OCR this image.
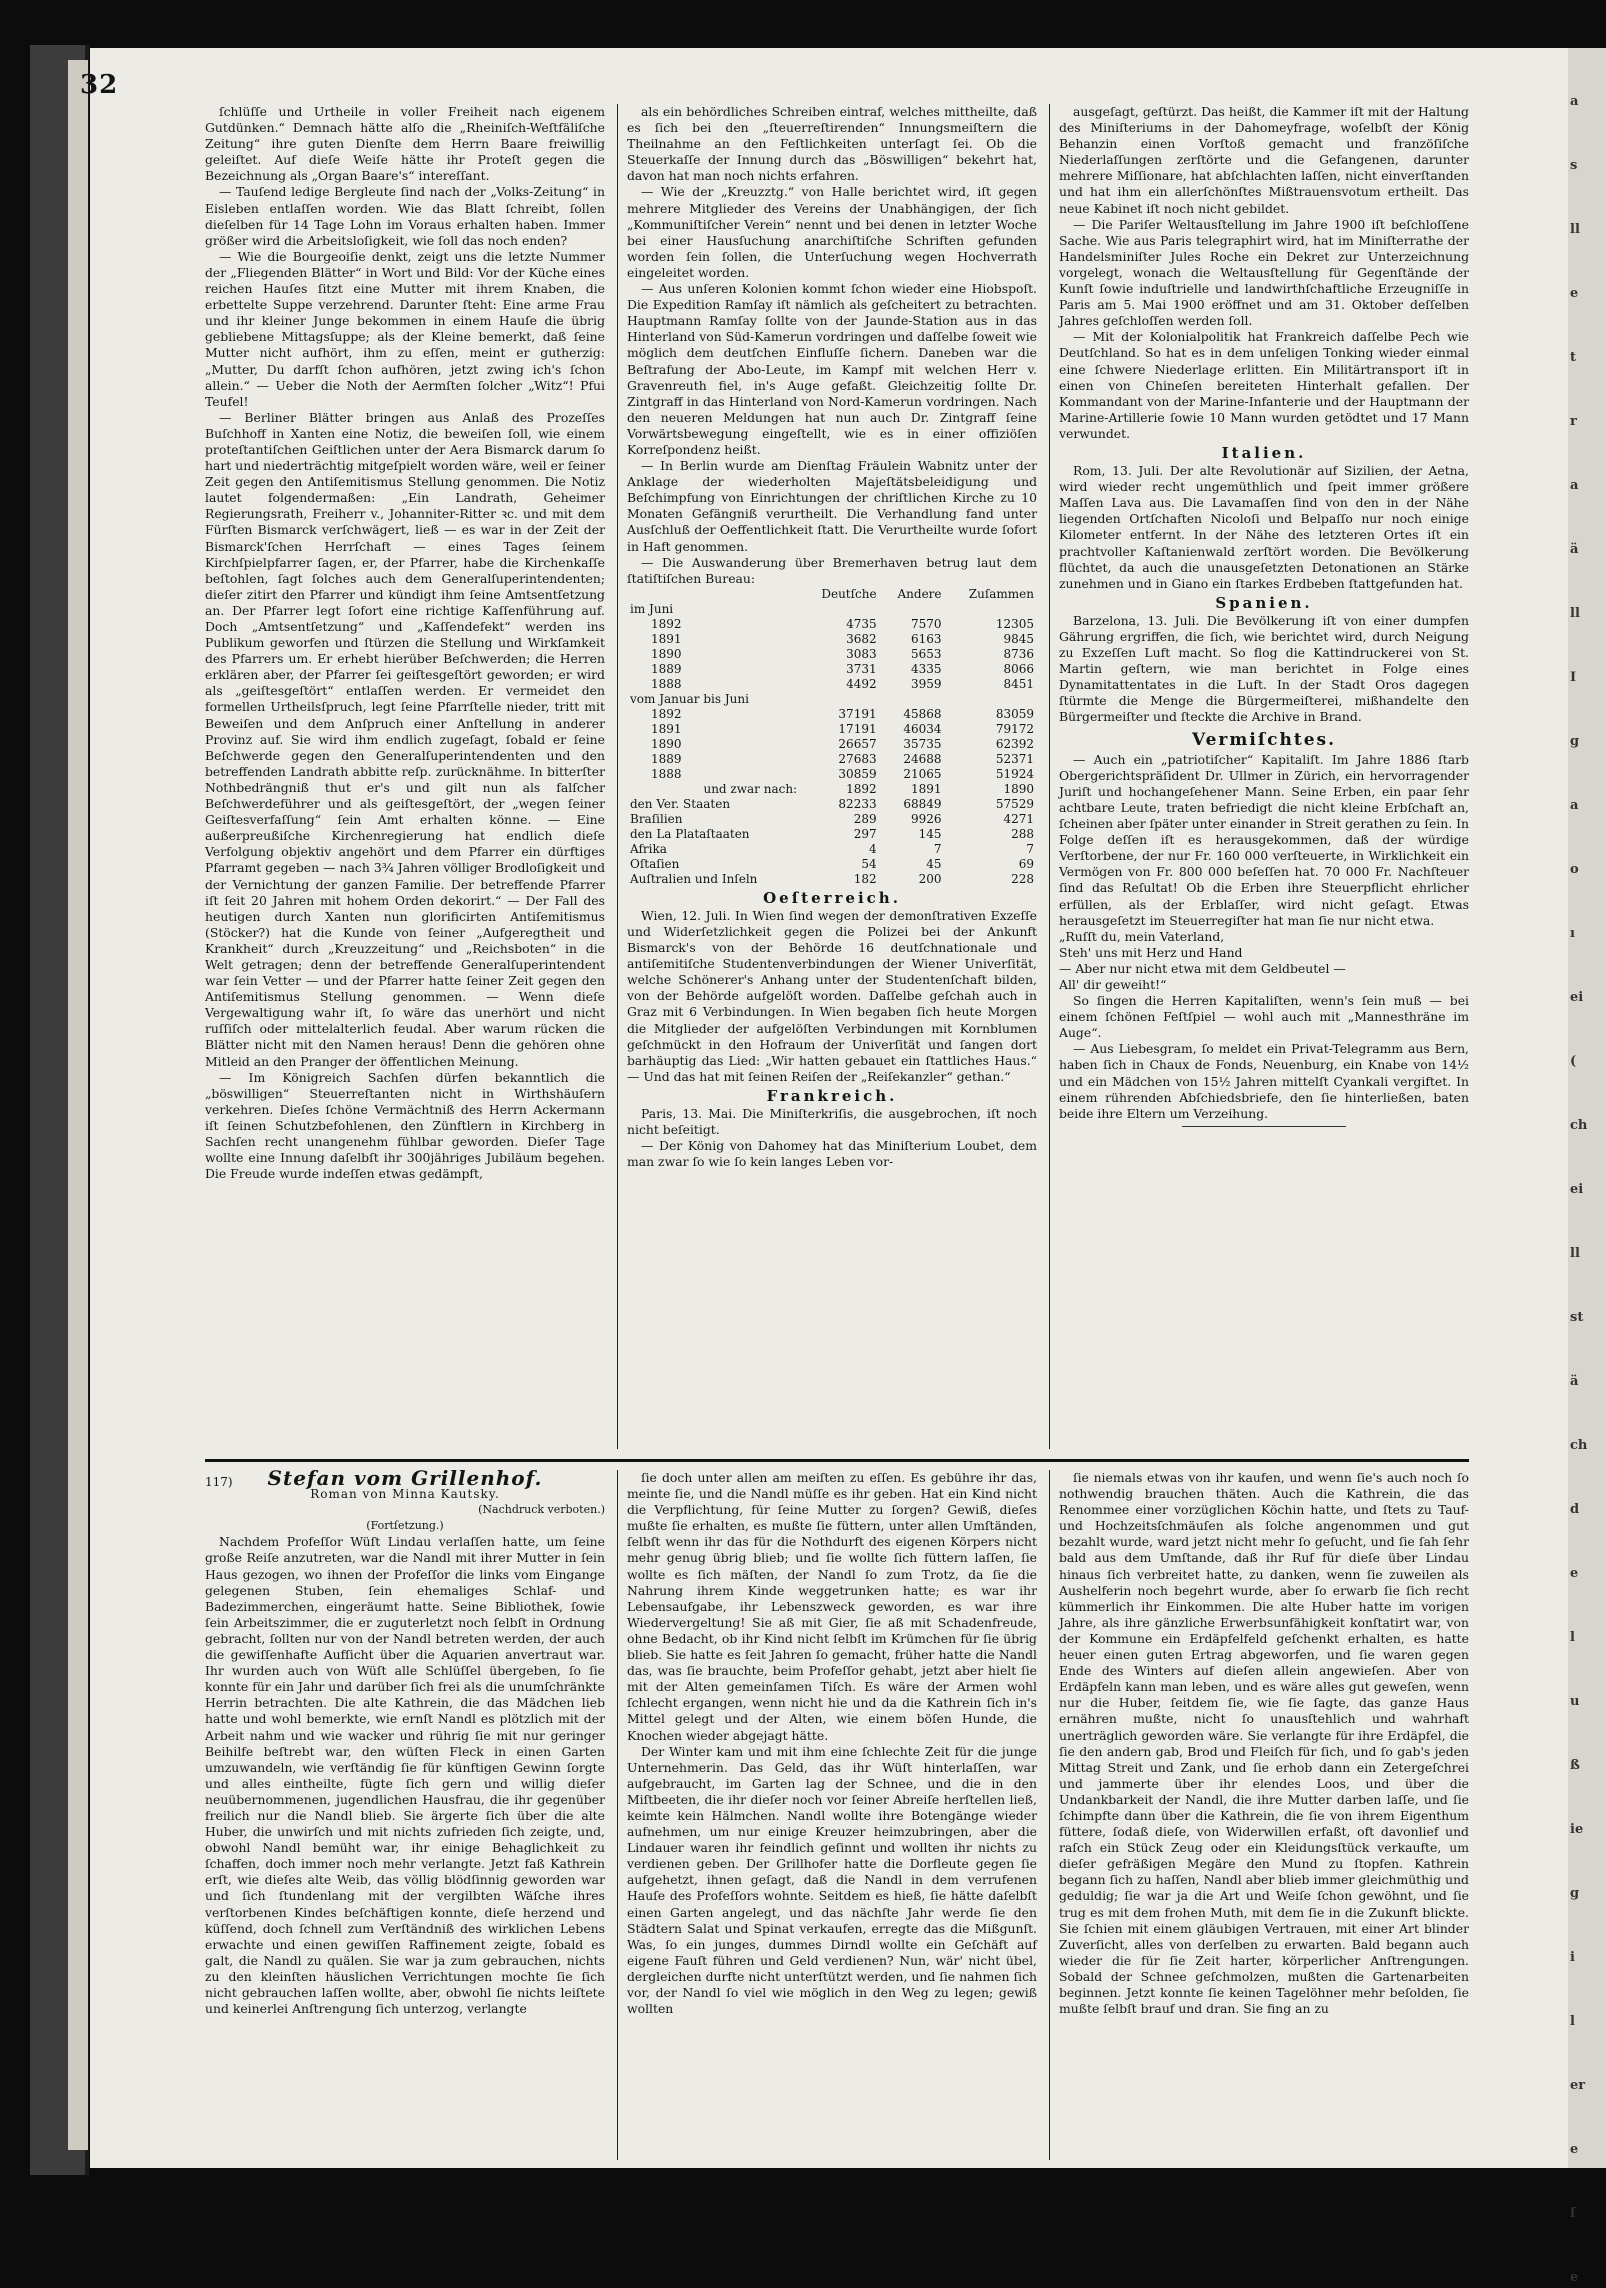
32

ſchlüſſe und Urtheile in voller Freiheit nach eigenem Gutdünken.“ Demnach hätte alſo die „Rheiniſch-Weſtfäliſche Zeitung“ ihre guten Dienſte dem Herrn Baare freiwillig geleiſtet. Auf dieſe Weiſe hätte ihr Proteſt gegen die Bezeichnung als „Organ Baare's“ intereſſant.

— Tauſend ledige Bergleute ſind nach der „Volks-Zeitung“ in Eisleben entlaſſen worden. Wie das Blatt ſchreibt, ſollen dieſelben für 14 Tage Lohn im Voraus erhalten haben. Immer größer wird die Arbeitsloſigkeit, wie ſoll das noch enden?

— Wie die Bourgeoiſie denkt, zeigt uns die letzte Nummer der „Fliegenden Blätter“ in Wort und Bild: Vor der Küche eines reichen Hauſes ſitzt eine Mutter mit ihrem Knaben, die erbettelte Suppe verzehrend. Darunter ſteht: Eine arme Frau und ihr kleiner Junge bekommen in einem Hauſe die übrig gebliebene Mittagsſuppe; als der Kleine bemerkt, daß ſeine Mutter nicht aufhört, ihm zu eſſen, meint er gutherzig: „Mutter, Du darfſt ſchon aufhören, jetzt zwing ich's ſchon allein.“ — Ueber die Noth der Aermſten ſolcher „Witz“! Pfui Teufel!

— Berliner Blätter bringen aus Anlaß des Prozeſſes Buſchhoff in Xanten eine Notiz, die beweiſen ſoll, wie einem proteſtantiſchen Geiſtlichen unter der Aera Bismarck darum ſo hart und niederträchtig mitgeſpielt worden wäre, weil er ſeiner Zeit gegen den Antiſemitismus Stellung genommen. Die Notiz lautet folgendermaßen: „Ein Landrath, Geheimer Regierungsrath, Freiherr v., Johanniter-Ritter ꝛc. und mit dem Fürſten Bismarck verſchwägert, ließ — es war in der Zeit der Bismarck'ſchen Herrſchaft — eines Tages ſeinem Kirchſpielpfarrer ſagen, er, der Pfarrer, habe die Kirchenkaſſe beſtohlen, ſagt ſolches auch dem Generalſuperintendenten; dieſer zitirt den Pfarrer und kündigt ihm ſeine Amtsentſetzung an. Der Pfarrer legt ſofort eine richtige Kaſſenführung auf. Doch „Amtsentſetzung“ und „Kaſſendefekt“ werden ins Publikum geworfen und ſtürzen die Stellung und Wirkſamkeit des Pfarrers um. Er erhebt hierüber Beſchwerden; die Herren erklären aber, der Pfarrer ſei geiſtesgeſtört geworden; er wird als „geiſtesgeſtört“ entlaſſen werden. Er vermeidet den formellen Urtheilsſpruch, legt ſeine Pfarrſtelle nieder, tritt mit Beweiſen und dem Anſpruch einer Anſtellung in anderer Provinz auf. Sie wird ihm endlich zugeſagt, ſobald er ſeine Beſchwerde gegen den Generalſuperintendenten und den betreffenden Landrath abbitte reſp. zurücknähme. In bitterſter Nothbedrängniß thut er's und gilt nun als falſcher Beſchwerdeführer und als geiſtesgeſtört, der „wegen ſeiner Geiſtesverfaſſung“ ſein Amt erhalten könne. — Eine außerpreußiſche Kirchenregierung hat endlich dieſe Verfolgung objektiv angehört und dem Pfarrer ein dürftiges Pfarramt gegeben — nach 3¾ Jahren völliger Brodloſigkeit und der Vernichtung der ganzen Familie. Der betreffende Pfarrer iſt ſeit 20 Jahren mit hohem Orden dekorirt.“ — Der Fall des heutigen durch Xanten nun glorificirten Antiſemitismus (Stöcker?) hat die Kunde von ſeiner „Aufgeregtheit und Krankheit“ durch „Kreuzzeitung“ und „Reichsboten“ in die Welt getragen; denn der betreffende Generalſuperintendent war ſein Vetter — und der Pfarrer hatte ſeiner Zeit gegen den Antiſemitismus Stellung genommen. — Wenn dieſe Vergewaltigung wahr iſt, ſo wäre das unerhört und nicht ruſſiſch oder mittelalterlich feudal. Aber warum rücken die Blätter nicht mit den Namen heraus! Denn die gehören ohne Mitleid an den Pranger der öffentlichen Meinung.

— Im Königreich Sachſen dürfen bekanntlich die „böswilligen“ Steuerreſtanten nicht in Wirthshäuſern verkehren. Dieſes ſchöne Vermächtniß des Herrn Ackermann iſt ſeinen Schutzbefohlenen, den Zünftlern in Kirchberg in Sachſen recht unangenehm fühlbar geworden. Dieſer Tage wollte eine Innung daſelbſt ihr 300jähriges Jubiläum begehen. Die Freude wurde indeſſen etwas gedämpft,

als ein behördliches Schreiben eintraf, welches mittheilte, daß es ſich bei den „ſteuerreſtirenden“ Innungsmeiſtern die Theilnahme an den Feſtlichkeiten unterſagt ſei. Ob die Steuerkaſſe der Innung durch das „Böswilligen“ bekehrt hat, davon hat man noch nichts erfahren.

— Wie der „Kreuzztg.“ von Halle berichtet wird, iſt gegen mehrere Mitglieder des Vereins der Unabhängigen, der ſich „Kommuniſtiſcher Verein“ nennt und bei denen in letzter Woche bei einer Hausſuchung anarchiſtiſche Schriften gefunden worden ſein ſollen, die Unterſuchung wegen Hochverrath eingeleitet worden.

— Aus unſeren Kolonien kommt ſchon wieder eine Hiobspoſt. Die Expedition Ramſay iſt nämlich als geſcheitert zu betrachten. Hauptmann Ramſay ſollte von der Jaunde-Station aus in das Hinterland von Süd-Kamerun vordringen und daſſelbe ſoweit wie möglich dem deutſchen Einfluſſe ſichern. Daneben war die Beſtrafung der Abo-Leute, im Kampf mit welchen Herr v. Gravenreuth fiel, in's Auge gefaßt. Gleichzeitig ſollte Dr. Zintgraff in das Hinterland von Nord-Kamerun vordringen. Nach den neueren Meldungen hat nun auch Dr. Zintgraff ſeine Vorwärtsbewegung eingeſtellt, wie es in einer offiziöſen Korreſpondenz heißt.

— In Berlin wurde am Dienſtag Fräulein Wabnitz unter der Anklage der wiederholten Majeſtätsbeleidigung und Beſchimpfung von Einrichtungen der chriſtlichen Kirche zu 10 Monaten Gefängniß verurtheilt. Die Verhandlung fand unter Ausſchluß der Oeffentlichkeit ſtatt. Die Verurtheilte wurde ſofort in Haft genommen.

— Die Auswanderung über Bremerhaven betrug laut dem ſtatiſtiſchen Bureau:

	Deutſche	Andere	Zuſammen
im Juni			
1892	4735	7570	12305
1891	3682	6163	9845
1890	3083	5653	8736
1889	3731	4335	8066
1888	4492	3959	8451
vom Januar bis Juni			
1892	37191	45868	83059
1891	17191	46034	79172
1890	26657	35735	62392
1889	27683	24688	52371
1888	30859	21065	51924
und zwar nach:	1892	1891	1890
den Ver. Staaten	82233	68849	57529
Braſilien	289	9926	4271
den La Plataſtaaten	297	145	288
Afrika	4	7	7
Oſtaſien	54	45	69
Auſtralien und Inſeln	182	200	228
Oeſterreich.

Wien, 12. Juli. In Wien ſind wegen der demonſtrativen Exzeſſe und Widerſetzlichkeit gegen die Polizei bei der Ankunft Bismarck's von der Behörde 16 deutſchnationale und antiſemitiſche Studentenverbindungen der Wiener Univerſität, welche Schönerer's Anhang unter der Studentenſchaft bilden, von der Behörde aufgelöſt worden. Daſſelbe geſchah auch in Graz mit 6 Verbindungen. In Wien begaben ſich heute Morgen die Mitglieder der aufgelöſten Verbindungen mit Kornblumen geſchmückt in den Hofraum der Univerſität und ſangen dort barhäuptig das Lied: „Wir hatten gebauet ein ſtattliches Haus.“ — Und das hat mit ſeinen Reiſen der „Reiſekanzler“ gethan.“

Frankreich.

Paris, 13. Mai. Die Miniſterkriſis, die ausgebrochen, iſt noch nicht beſeitigt.

— Der König von Dahomey hat das Miniſterium Loubet, dem man zwar ſo wie ſo kein langes Leben vor-

ausgeſagt, geſtürzt. Das heißt, die Kammer iſt mit der Haltung des Miniſteriums in der Dahomeyfrage, woſelbſt der König Behanzin einen Vorſtoß gemacht und franzöſiſche Niederlaſſungen zerſtörte und die Gefangenen, darunter mehrere Miſſionare, hat abſchlachten laſſen, nicht einverſtanden und hat ihm ein allerſchönſtes Mißtrauensvotum ertheilt. Das neue Kabinet iſt noch nicht gebildet.

— Die Pariſer Weltausſtellung im Jahre 1900 iſt beſchloſſene Sache. Wie aus Paris telegraphirt wird, hat im Miniſterrathe der Handelsminiſter Jules Roche ein Dekret zur Unterzeichnung vorgelegt, wonach die Weltausſtellung für Gegenſtände der Kunſt ſowie induſtrielle und landwirthſchaftliche Erzeugniſſe in Paris am 5. Mai 1900 eröffnet und am 31. Oktober deſſelben Jahres geſchloſſen werden ſoll.

— Mit der Kolonialpolitik hat Frankreich daſſelbe Pech wie Deutſchland. So hat es in dem unſeligen Tonking wieder einmal eine ſchwere Niederlage erlitten. Ein Militärtransport iſt in einen von Chineſen bereiteten Hinterhalt gefallen. Der Kommandant von der Marine-Infanterie und der Hauptmann der Marine-Artillerie ſowie 10 Mann wurden getödtet und 17 Mann verwundet.

Italien.

Rom, 13. Juli. Der alte Revolutionär auf Sizilien, der Aetna, wird wieder recht ungemüthlich und ſpeit immer größere Maſſen Lava aus. Die Lavamaſſen ſind von den in der Nähe liegenden Ortſchaften Nicoloſi und Belpaſſo nur noch einige Kilometer entfernt. In der Nähe des letzteren Ortes iſt ein prachtvoller Kaſtanienwald zerſtört worden. Die Bevölkerung flüchtet, da auch die unausgeſetzten Detonationen an Stärke zunehmen und in Giano ein ſtarkes Erdbeben ſtattgefunden hat.

Spanien.

Barzelona, 13. Juli. Die Bevölkerung iſt von einer dumpfen Gährung ergriffen, die ſich, wie berichtet wird, durch Neigung zu Exzeſſen Luft macht. So flog die Kattindruckerei von St. Martin geſtern, wie man berichtet in Folge eines Dynamitattentates in die Luft. In der Stadt Oros dagegen ſtürmte die Menge die Bürgermeiſterei, mißhandelte den Bürgermeiſter und ſteckte die Archive in Brand.

Vermiſchtes.

— Auch ein „patriotiſcher“ Kapitaliſt. Im Jahre 1886 ſtarb Obergerichtspräſident Dr. Ullmer in Zürich, ein hervorragender Juriſt und hochangeſehener Mann. Seine Erben, ein paar ſehr achtbare Leute, traten befriedigt die nicht kleine Erbſchaft an, ſcheinen aber ſpäter unter einander in Streit gerathen zu ſein. In Folge deſſen iſt es herausgekommen, daß der würdige Verſtorbene, der nur Fr. 160 000 verſteuerte, in Wirklichkeit ein Vermögen von Fr. 800 000 beſeſſen hat. 70 000 Fr. Nachſteuer ſind das Reſultat! Ob die Erben ihre Steuerpflicht ehrlicher erfüllen, als der Erblaſſer, wird nicht geſagt. Etwas herausgeſetzt im Steuerregiſter hat man ſie nur nicht etwa.

„Ruſſt du, mein Vaterland,

Steh' uns mit Herz und Hand

— Aber nur nicht etwa mit dem Geldbeutel —

All' dir geweiht!“

So ſingen die Herren Kapitaliſten, wenn's ſein muß — bei einem ſchönen Feſtſpiel — wohl auch mit „Mannesthräne im Auge“.

— Aus Liebesgram, ſo meldet ein Privat-Telegramm aus Bern, haben ſich in Chaux de Fonds, Neuenburg, ein Knabe von 14½ und ein Mädchen von 15½ Jahren mittelſt Cyankali vergiftet. In einem rührenden Abſchiedsbriefe, den ſie hinterließen, baten beide ihre Eltern um Verzeihung.

117)	Stefan vom Grillenhof.

Roman von Minna Kautsky.

(Nachdruck verboten.)

(Fortſetzung.)

Nachdem Profeſſor Wüſt Lindau verlaſſen hatte, um ſeine große Reiſe anzutreten, war die Nandl mit ihrer Mutter in ſein Haus gezogen, wo ihnen der Profeſſor die links vom Eingange gelegenen Stuben, ſein ehemaliges Schlaf- und Badezimmerchen, eingeräumt hatte. Seine Bibliothek, ſowie ſein Arbeitszimmer, die er zuguterletzt noch ſelbſt in Ordnung gebracht, ſollten nur von der Nandl betreten werden, der auch die gewiſſenhafte Aufſicht über die Aquarien anvertraut war. Ihr wurden auch von Wüſt alle Schlüſſel übergeben, ſo ſie konnte für ein Jahr und darüber ſich frei als die unumſchränkte Herrin betrachten. Die alte Kathrein, die das Mädchen lieb hatte und wohl bemerkte, wie ernſt Nandl es plötzlich mit der Arbeit nahm und wie wacker und rührig ſie mit nur geringer Beihilfe beſtrebt war, den wüſten Fleck in einen Garten umzuwandeln, wie verſtändig ſie für künftigen Gewinn ſorgte und alles eintheilte, fügte ſich gern und willig dieſer neuübernommenen, jugendlichen Hausfrau, die ihr gegenüber freilich nur die Nandl blieb. Sie ärgerte ſich über die alte Huber, die unwirſch und mit nichts zufrieden ſich zeigte, und, obwohl Nandl bemüht war, ihr einige Behaglichkeit zu ſchaffen, doch immer noch mehr verlangte. Jetzt faß Kathrein erſt, wie dieſes alte Weib, das völlig blödſinnig geworden war und ſich ſtundenlang mit der vergilbten Wäſche ihres verſtorbenen Kindes beſchäftigen konnte, dieſe herzend und küſſend, doch ſchnell zum Verſtändniß des wirklichen Lebens erwachte und einen gewiſſen Raffinement zeigte, ſobald es galt, die Nandl zu quälen. Sie war ja zum gebrauchen, nichts zu den kleinſten häuslichen Verrichtungen mochte ſie ſich nicht gebrauchen laſſen wollte, aber, obwohl ſie nichts leiſtete und keinerlei Anſtrengung ſich unterzog, verlangte

ſie doch unter allen am meiſten zu eſſen. Es gebühre ihr das, meinte ſie, und die Nandl müſſe es ihr geben. Hat ein Kind nicht die Verpflichtung, für ſeine Mutter zu ſorgen? Gewiß, dieſes mußte ſie erhalten, es mußte ſie füttern, unter allen Umſtänden, ſelbſt wenn ihr das für die Nothdurft des eigenen Körpers nicht mehr genug übrig blieb; und ſie wollte ſich füttern laſſen, ſie wollte es ſich mäſten, der Nandl ſo zum Trotz, da ſie die Nahrung ihrem Kinde weggetrunken hatte; es war ihr Lebensaufgabe, ihr Lebenszweck geworden, es war ihre Wiedervergeltung! Sie aß mit Gier, ſie aß mit Schadenfreude, ohne Bedacht, ob ihr Kind nicht ſelbſt im Krümchen für ſie übrig blieb. Sie hatte es ſeit Jahren ſo gemacht, früher hatte die Nandl das, was ſie brauchte, beim Profeſſor gehabt, jetzt aber hielt ſie mit der Alten gemeinſamen Tiſch. Es wäre der Armen wohl ſchlecht ergangen, wenn nicht hie und da die Kathrein ſich in's Mittel gelegt und der Alten, wie einem böſen Hunde, die Knochen wieder abgejagt hätte.

Der Winter kam und mit ihm eine ſchlechte Zeit für die junge Unternehmerin. Das Geld, das ihr Wüſt hinterlaſſen, war aufgebraucht, im Garten lag der Schnee, und die in den Miſtbeeten, die ihr dieſer noch vor ſeiner Abreiſe herſtellen ließ, keimte kein Hälmchen. Nandl wollte ihre Botengänge wieder aufnehmen, um nur einige Kreuzer heimzubringen, aber die Lindauer waren ihr feindlich geſinnt und wollten ihr nichts zu verdienen geben. Der Grillhofer hatte die Dorfleute gegen ſie aufgehetzt, ihnen geſagt, daß die Nandl in dem verrufenen Hauſe des Profeſſors wohnte. Seitdem es hieß, ſie hätte daſelbſt einen Garten angelegt, und das nächſte Jahr werde ſie den Städtern Salat und Spinat verkaufen, erregte das die Mißgunſt. Was, ſo ein junges, dummes Dirndl wollte ein Geſchäft auf eigene Fauſt führen und Geld verdienen? Nun, wär' nicht übel, dergleichen durfte nicht unterſtützt werden, und ſie nahmen ſich vor, der Nandl ſo viel wie möglich in den Weg zu legen; gewiß wollten

ſie niemals etwas von ihr kaufen, und wenn ſie's auch noch ſo nothwendig brauchen thäten. Auch die Kathrein, die das Renommee einer vorzüglichen Köchin hatte, und ſtets zu Tauf- und Hochzeitsſchmäuſen als ſolche angenommen und gut bezahlt wurde, ward jetzt nicht mehr ſo geſucht, und ſie ſah ſehr bald aus dem Umſtande, daß ihr Ruf für dieſe über Lindau hinaus ſich verbreitet hatte, zu danken, wenn ſie zuweilen als Aushelferin noch begehrt wurde, aber ſo erwarb ſie ſich recht kümmerlich ihr Einkommen. Die alte Huber hatte im vorigen Jahre, als ihre gänzliche Erwerbsunfähigkeit konſtatirt war, von der Kommune ein Erdäpfelfeld geſchenkt erhalten, es hatte heuer einen guten Ertrag abgeworfen, und ſie waren gegen Ende des Winters auf dieſen allein angewieſen. Aber von Erdäpfeln kann man leben, und es wäre alles gut geweſen, wenn nur die Huber, ſeitdem ſie, wie ſie ſagte, das ganze Haus ernähren mußte, nicht ſo unausſtehlich und wahrhaft unerträglich geworden wäre. Sie verlangte für ihre Erdäpfel, die ſie den andern gab, Brod und Fleiſch für ſich, und ſo gab's jeden Mittag Streit und Zank, und ſie erhob dann ein Zetergeſchrei und jammerte über ihr elendes Loos, und über die Undankbarkeit der Nandl, die ihre Mutter darben laſſe, und ſie ſchimpfte dann über die Kathrein, die ſie von ihrem Eigenthum füttere, ſodaß dieſe, von Widerwillen erfaßt, oft davonlief und raſch ein Stück Zeug oder ein Kleidungsſtück verkaufte, um dieſer gefräßigen Megäre den Mund zu ſtopfen. Kathrein begann ſich zu haſſen, Nandl aber blieb immer gleichmüthig und geduldig; ſie war ja die Art und Weiſe ſchon gewöhnt, und ſie trug es mit dem frohen Muth, mit dem ſie in die Zukunft blickte. Sie ſchien mit einem gläubigen Vertrauen, mit einer Art blinder Zuverſicht, alles von derſelben zu erwarten. Bald begann auch wieder die für ſie Zeit harter, körperlicher Anſtrengungen. Sobald der Schnee geſchmolzen, mußten die Gartenarbeiten beginnen. Jetzt konnte ſie keinen Tagelöhner mehr beſolden, ſie mußte ſelbſt brauf und dran. Sie fing an zu

a
s
ll
e
t
r
a
ä
ll
I
g
a
o
ı
ei
(
ch
ei
ll
st
ä
ch
d
e
l
u
ß
ie
g
i
l
er
e
ſ
e
